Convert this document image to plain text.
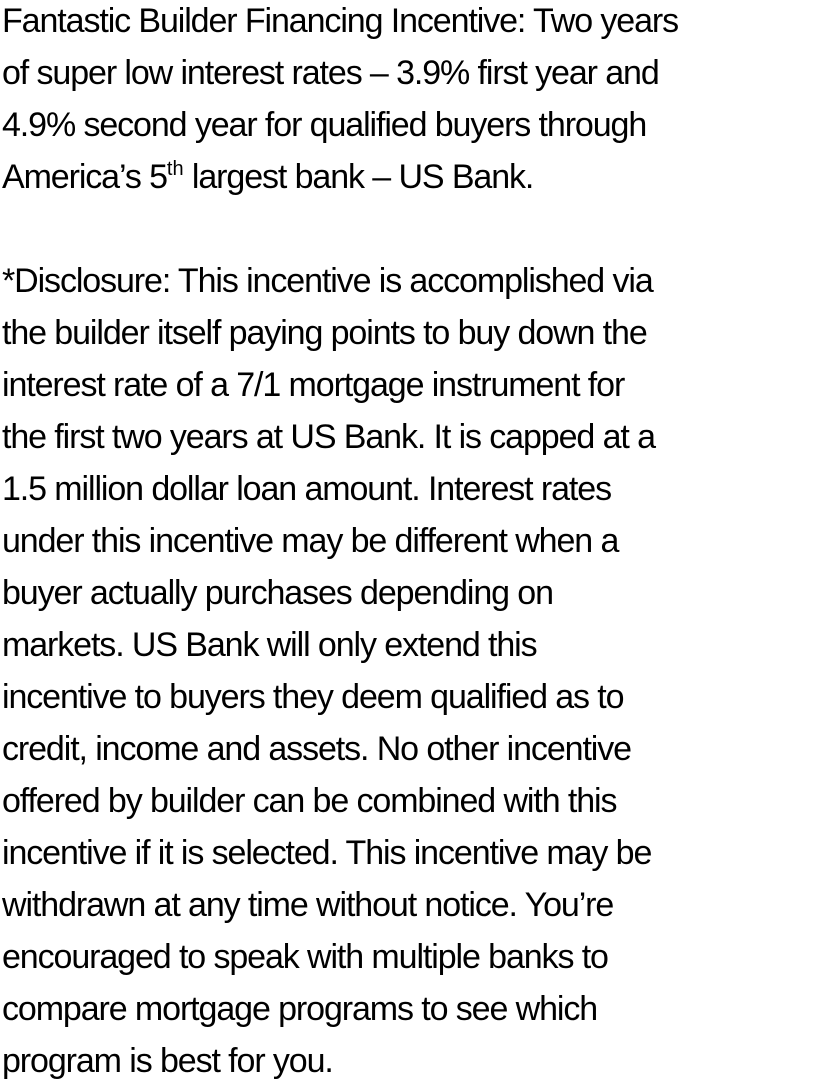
Fantastic Builder Financing Incentive: Two years
of super low interest rates – 3.9% first year and
4.9% second year for qualified buyers through
America’s 5th largest bank – US Bank.
*Disclosure: This incentive is accomplished via
the builder itself paying points to buy down the
interest rate of a 7/1 mortgage instrument for
the first two years at US Bank. It is capped at a
1.5 million dollar loan amount. Interest rates
under this incentive may be different when a
buyer actually purchases depending on
markets. US Bank will only extend this
incentive to buyers they deem qualified as to
credit, income and assets. No other incentive
offered by builder can be combined with this
incentive if it is selected. This incentive may be
withdrawn at any time without notice. You’re
encouraged to speak with multiple banks to
compare mortgage programs to see which
program is best for you.
